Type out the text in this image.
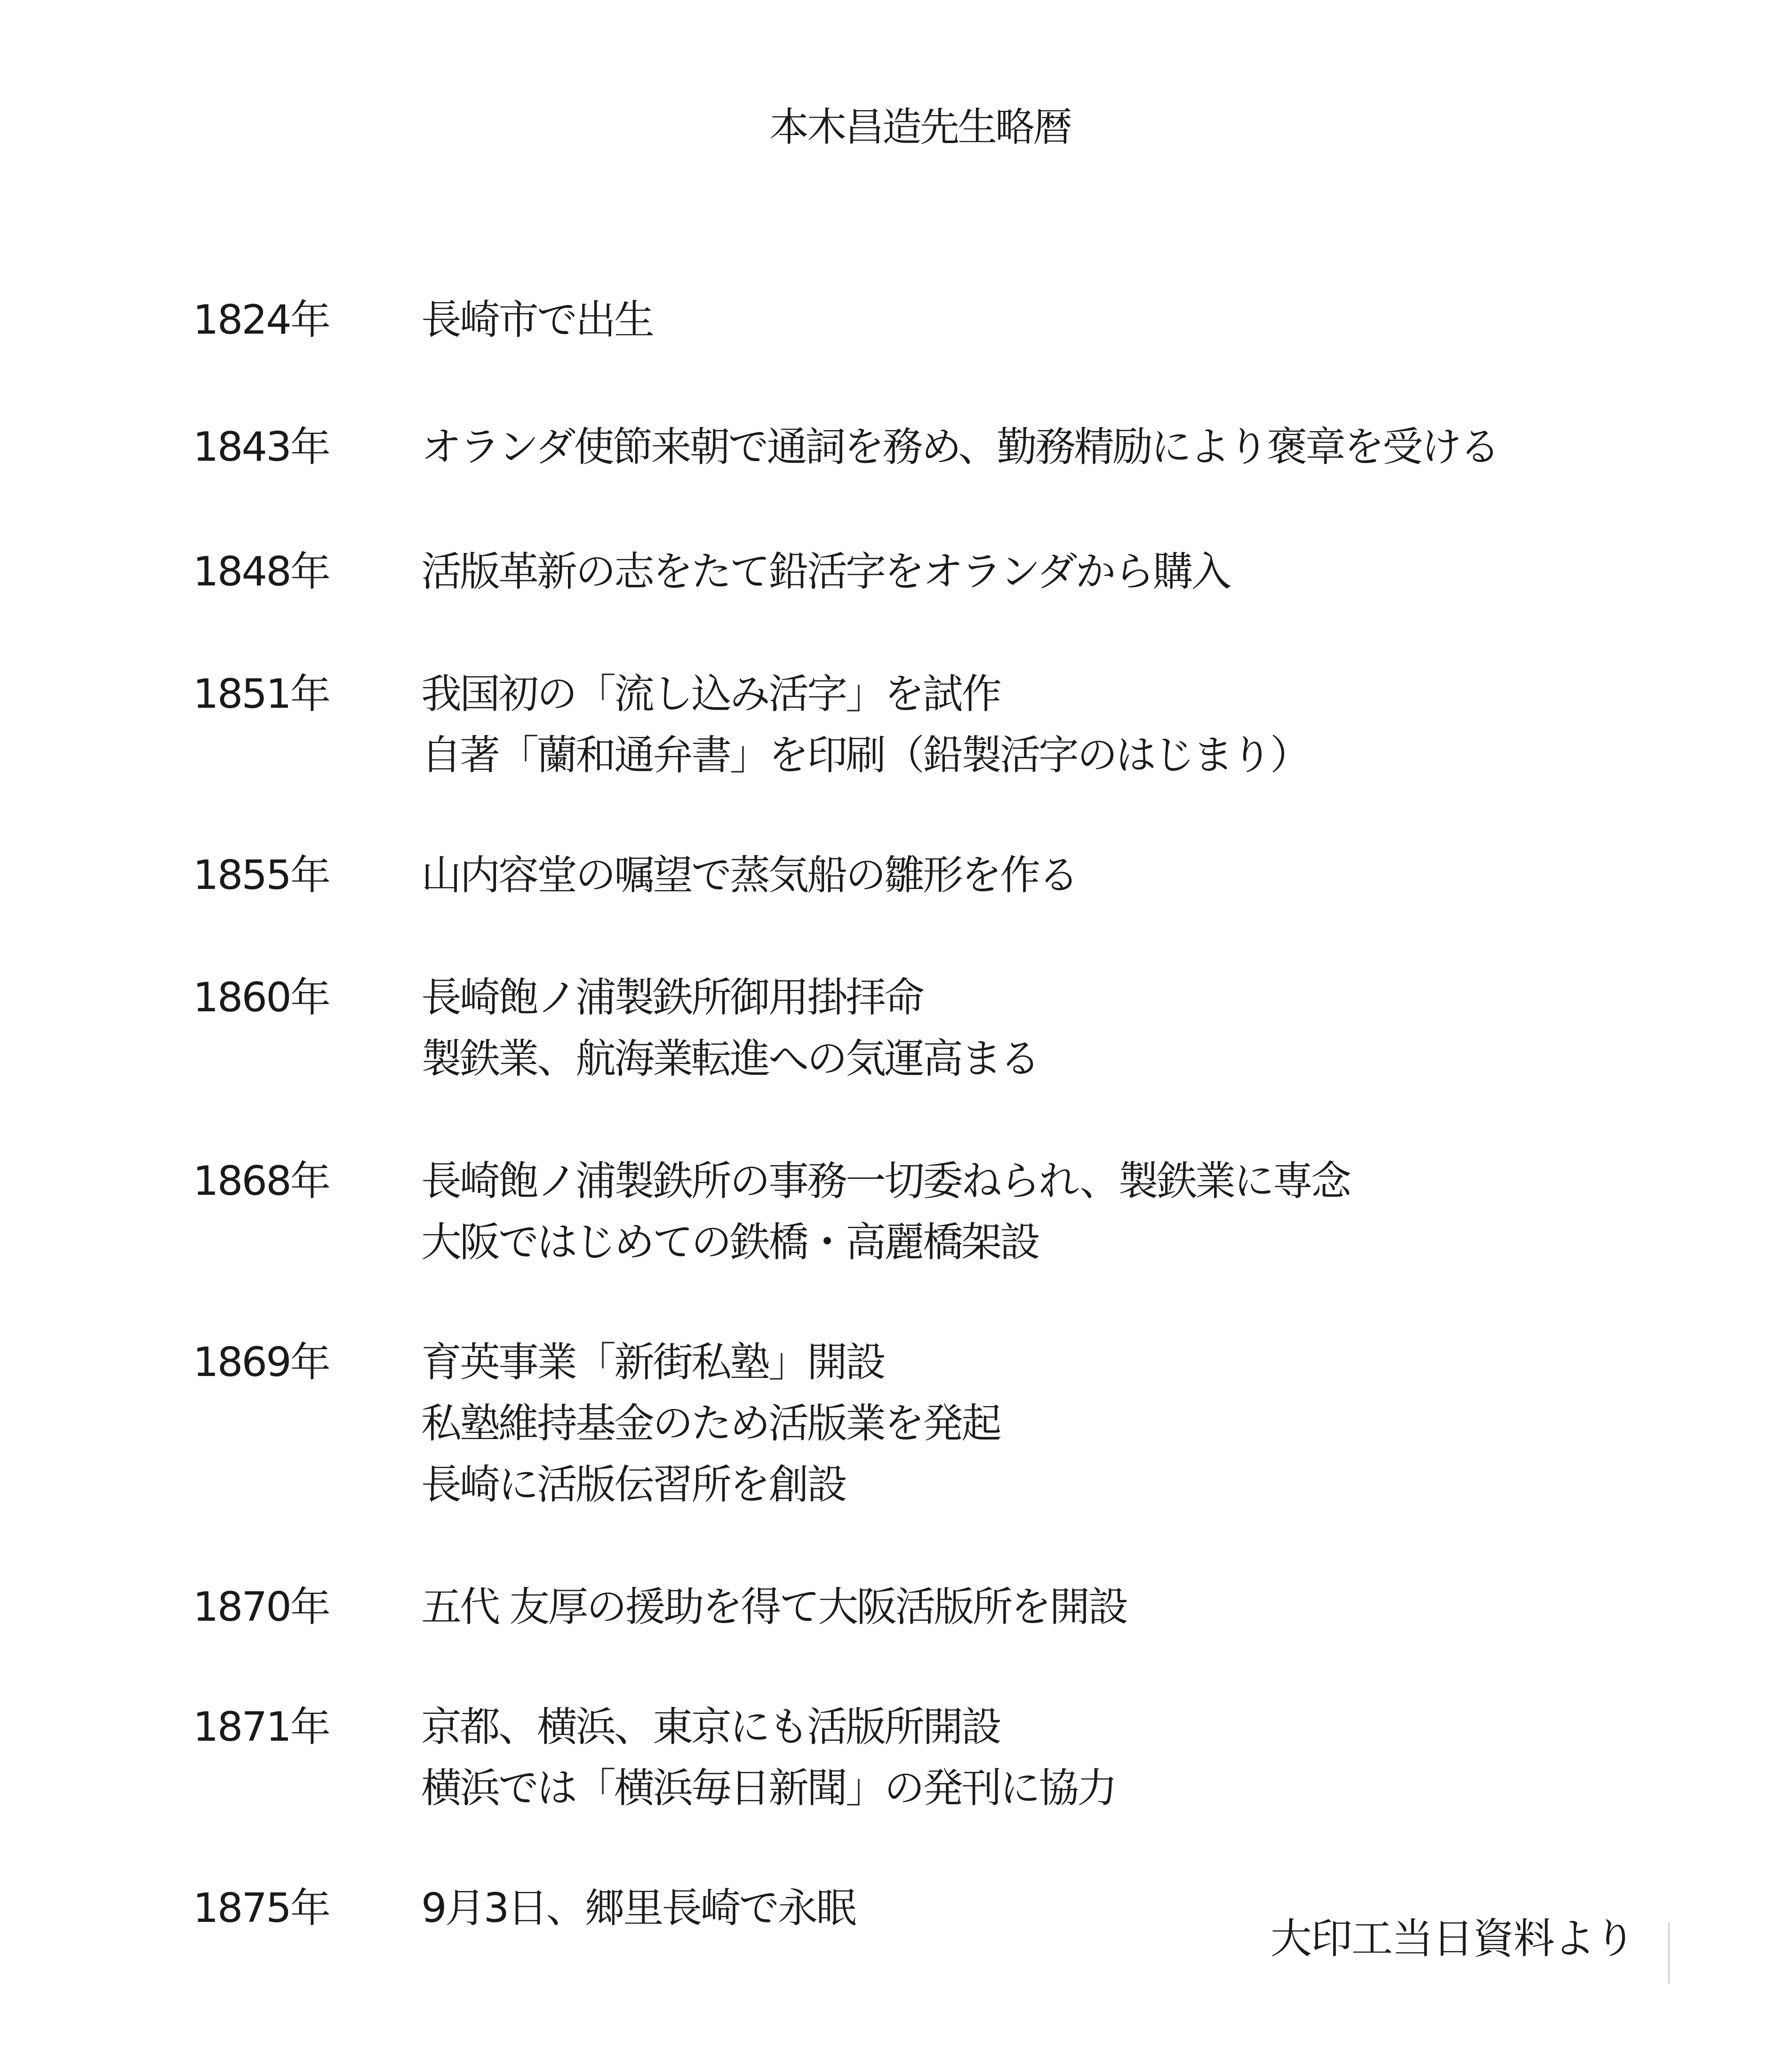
本木昌造先生略暦
1824年 長崎市で出生
1843年 オランダ使節来朝で通詞を務め、勤務精励により褒章を受ける
1848年 活版革新の志をたて鉛活字をオランダから購入
1851年 我国初の「流し込み活字」を試作
自著「蘭和通弁書」を印刷（鉛製活字のはじまり）
1855年 山内容堂の嘱望で蒸気船の雛形を作る
1860年 長崎飽ノ浦製鉄所御用掛拝命
製鉄業、航海業転進への気運高まる
1868年 長崎飽ノ浦製鉄所の事務一切委ねられ、製鉄業に専念
大阪ではじめての鉄橋・高麗橋架設
1869年 育英事業「新街私塾」開設
私塾維持基金のため活版業を発起
長崎に活版伝習所を創設
1870年 五代 友厚の援助を得て大阪活版所を開設
1871年 京都、横浜、東京にも活版所開設
横浜では「横浜毎日新聞」の発刊に協力
1875年 9月3日、郷里長崎で永眠
大印工当日資料より
